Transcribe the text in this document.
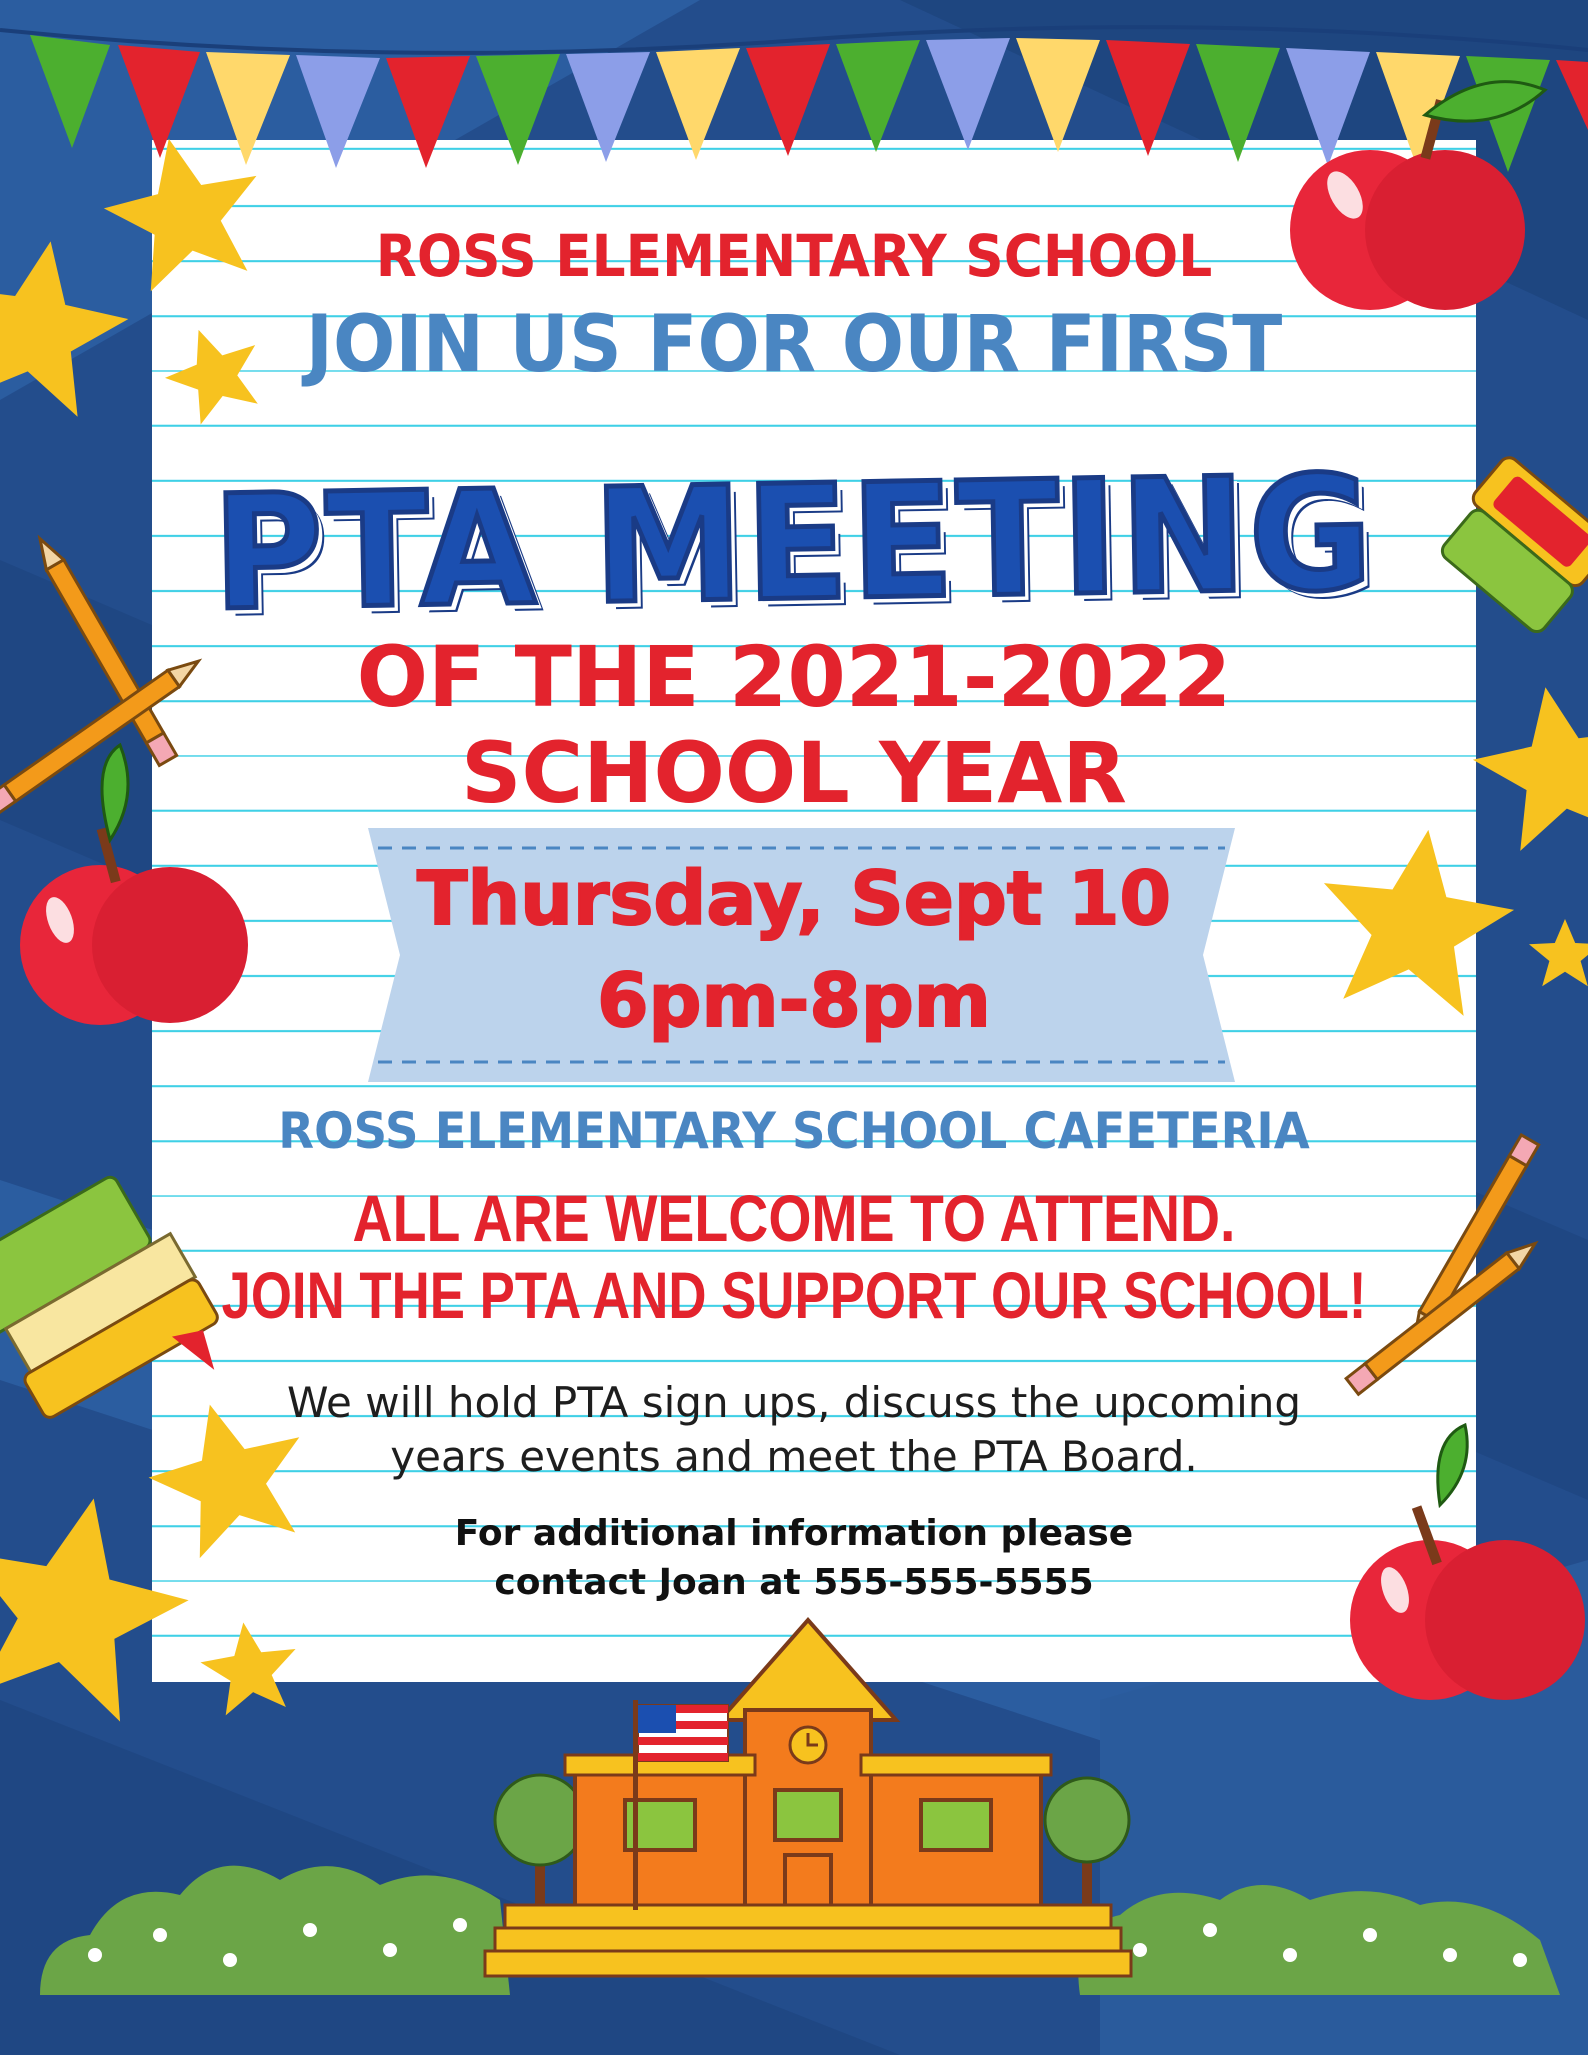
ROSS ELEMENTARY SCHOOL

JOIN US FOR OUR FIRST

PTA MEETING

OF THE 2021-2022

SCHOOL YEAR

Thursday, Sept 10

6pm-8pm

ROSS ELEMENTARY SCHOOL CAFETERIA

ALL ARE WELCOME TO ATTEND.

JOIN THE PTA AND SUPPORT OUR SCHOOL!

We will hold PTA sign ups, discuss the upcoming

years events and meet the PTA Board.

For additional information please

contact Joan at 555-555-5555
